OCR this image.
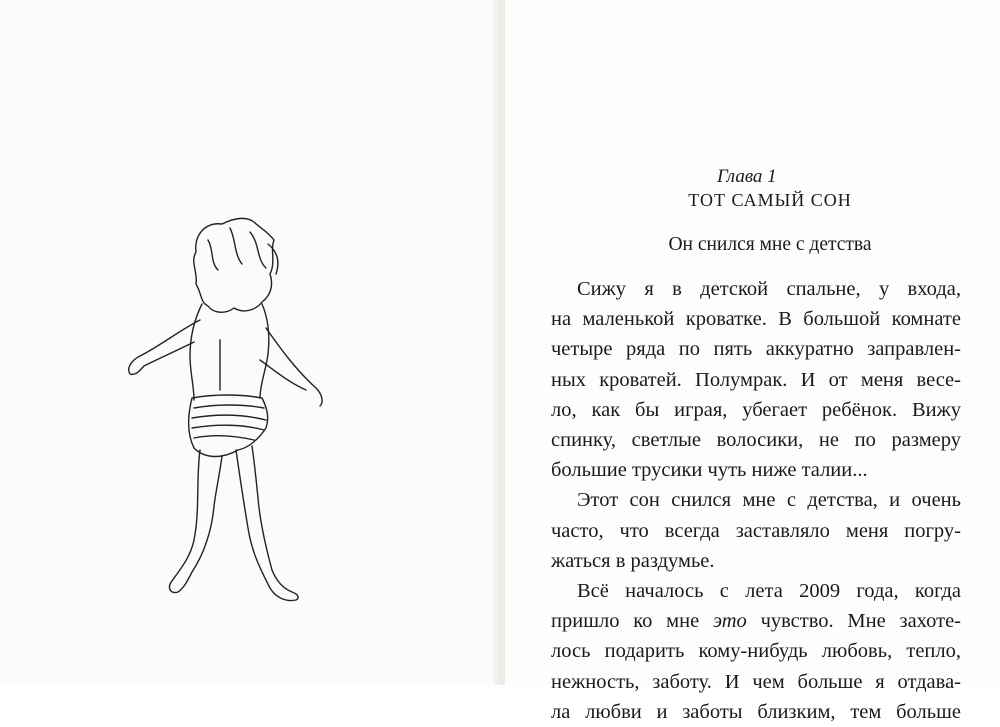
Глава 1
ТОТ САМЫЙ СОН
Он снился мне с детства
Сижу я в детской спальне, у входа,
на маленькой кроватке. В большой комнате
четыре ряда по пять аккуратно заправлен-
ных кроватей. Полумрак. И от меня весе-
ло, как бы играя, убегает ребёнок. Вижу
спинку, светлые волосики, не по размеру
большие трусики чуть ниже талии...
Этот сон снился мне с детства, и очень
часто, что всегда заставляло меня погру-
жаться в раздумье.
Всё началось с лета 2009 года, когда
пришло ко мне это чувство. Мне захоте-
лось подарить кому-нибудь любовь, тепло,
нежность, заботу. И чем больше я отдава-
ла любви и заботы близким, тем больше
